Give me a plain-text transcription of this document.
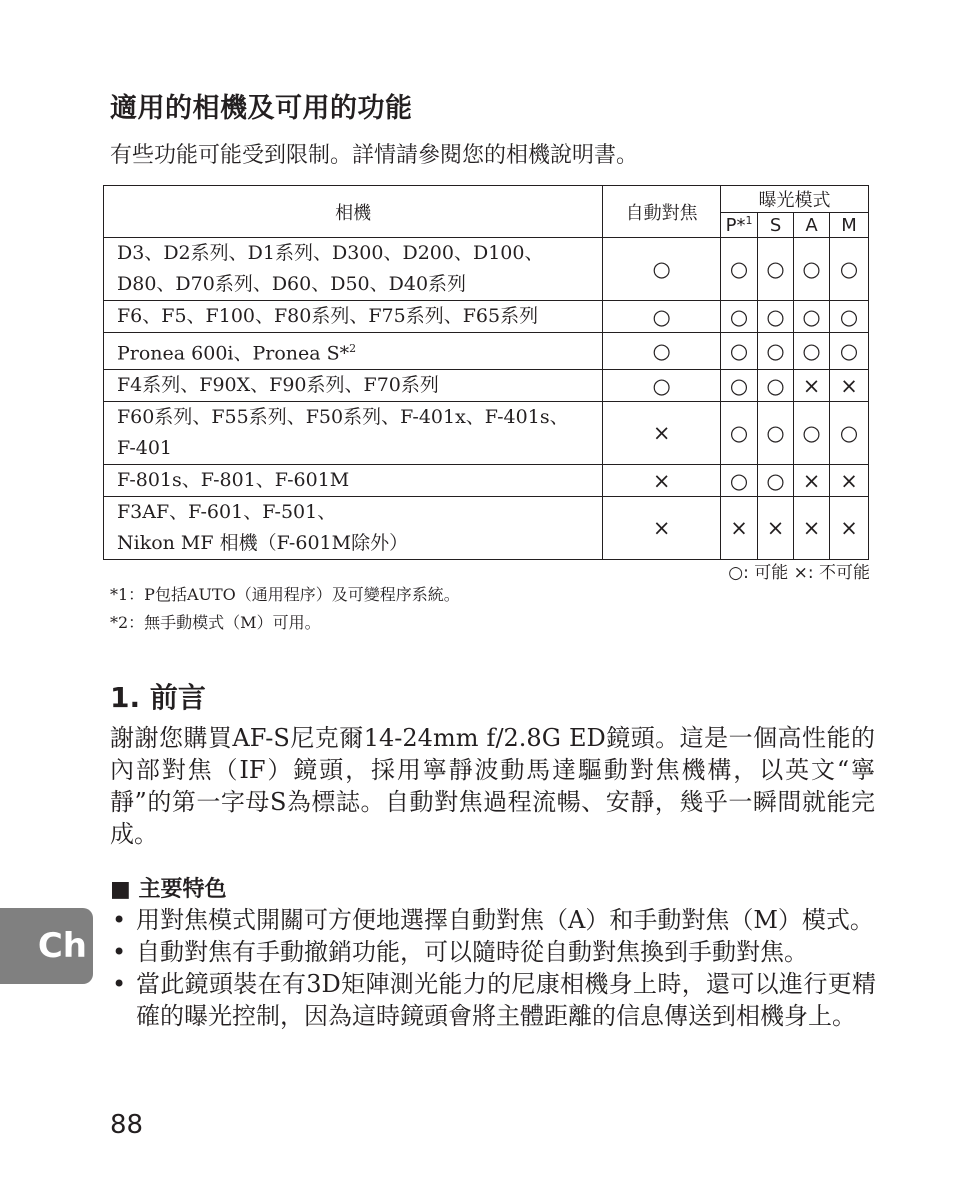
適用的相機及可用的功能

有些功能可能受到限制。詳情請參閱您的相機說明書。

相機	自動對焦	曝光模式			
		P*$^1$	S	A	M
D3、D2系列、D1系列、D300、D200、D100、
D80、D70系列、D60、D50、D40系列	○	○	○	○	○
F6、F5、F100、F80系列、F75系列、F65系列	○	○	○	○	○
Pronea 600i、Pronea S*$^2$	○	○	○	○	○
F4系列、F90X、F90系列、F70系列	○	○	○	×	×
F60系列、F55系列、F50系列、F-401x、F-401s、
F-401	×	○	○	○	○
F-801s、F-801、F-601M	×	○	○	×	×
F3AF、F-601、F-501、
Nikon MF 相機（F-601M除外）	×	×	×	×	×
○: 可能 ×: 不可能

*1：P包括AUTO（通用程序）及可變程序系統。

*2：無手動模式（M）可用。

1. 前言

謝謝您購買AF-S尼克爾14-24mm f/2.8G ED鏡頭。這是一個高性能的內部對焦（IF）鏡頭，採用寧靜波動馬達驅動對焦機構，以英文“寧靜”的第一字母S為標誌。自動對焦過程流暢、安靜，幾乎一瞬間就能完成。

■ 主要特色
• 用對焦模式開關可方便地選擇自動對焦（A）和手動對焦（M）模式。
• 自動對焦有手動撤銷功能，可以隨時從自動對焦換到手動對焦。
• 當此鏡頭裝在有3D矩陣測光能力的尼康相機身上時，還可以進行更精確的曝光控制，因為這時鏡頭會將主體距離的信息傳送到相機身上。
Ch
88
